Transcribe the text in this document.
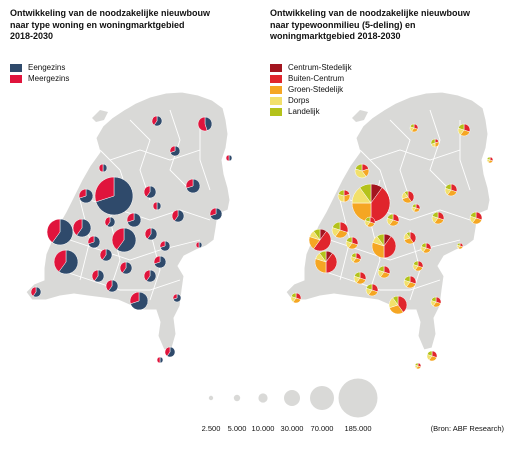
Ontwikkeling van de noodzakelijke nieuwbouw
naar type woning en woningmarktgebied
2018-2030
Ontwikkeling van de noodzakelijke nieuwbouw
naar typewoonmilieu (5-deling) en
woningmarktgebied 2018-2030
Eengezins
Meergezins
Centrum-Stedelijk
Buiten-Centrum
Groen-Stedelijk
Dorps
Landelijk
2.500 5.000 10.000 30.000 70.000 185.000	(Bron: ABF Research)
